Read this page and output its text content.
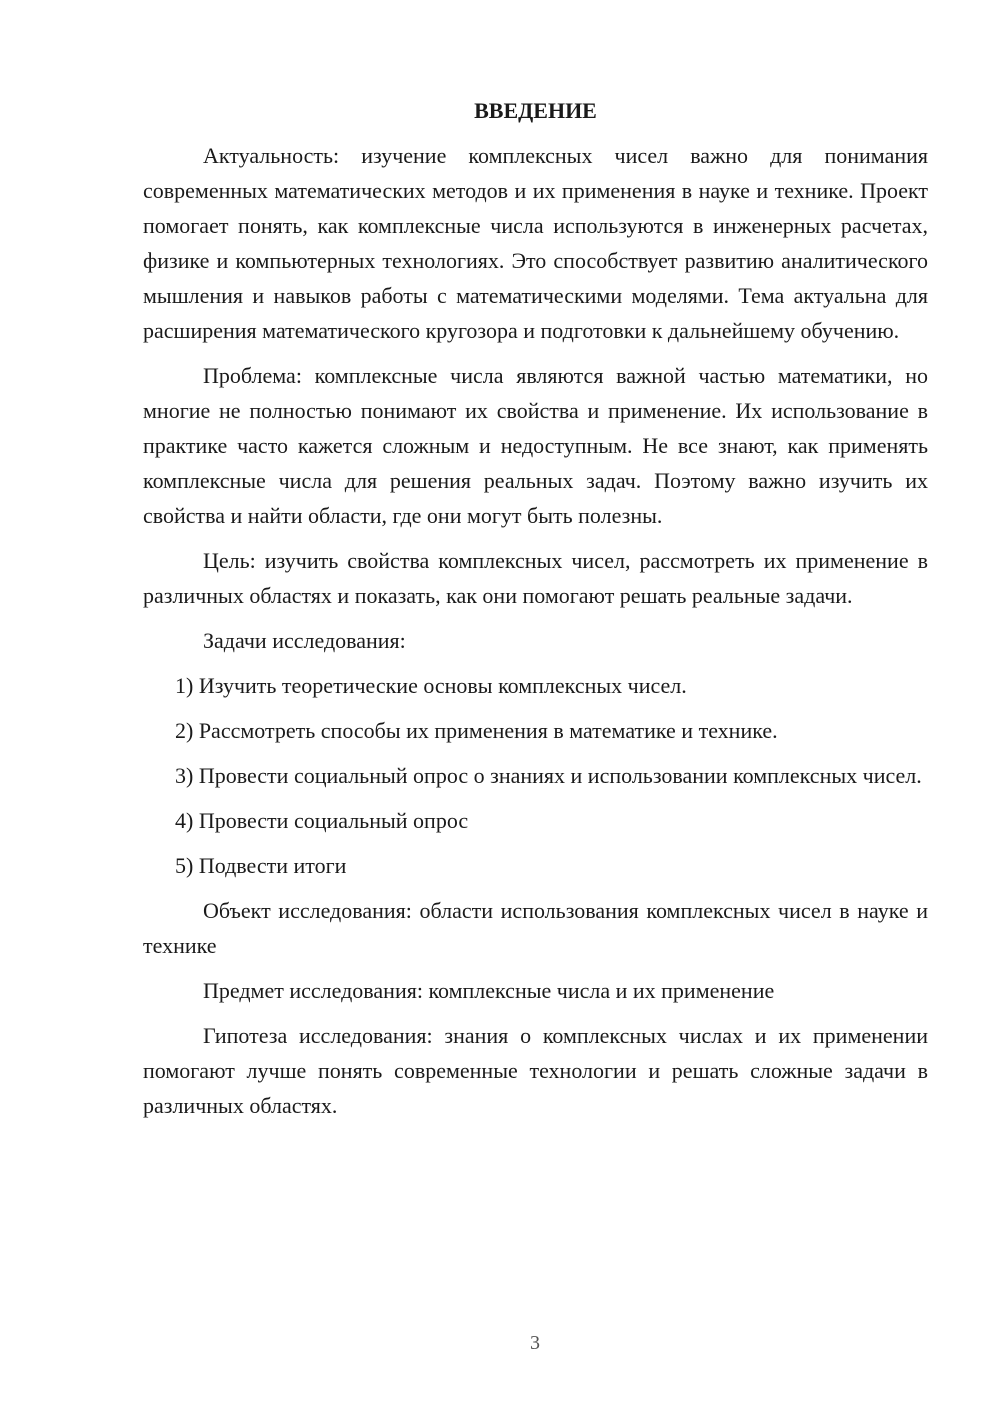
ВВЕДЕНИЕ

Актуальность: изучение комплексных чисел важно для понимания современных математических методов и их применения в науке и технике. Проект помогает понять, как комплексные числа используются в инженерных расчетах, физике и компьютерных технологиях. Это способствует развитию аналитического мышления и навыков работы с математическими моделями. Тема актуальна для расширения математического кругозора и подготовки к дальнейшему обучению.

Проблема: комплексные числа являются важной частью математики, но многие не полностью понимают их свойства и применение. Их использование в практике часто кажется сложным и недоступным. Не все знают, как применять комплексные числа для решения реальных задач. Поэтому важно изучить их свойства и найти области, где они могут быть полезны.

Цель: изучить свойства комплексных чисел, рассмотреть их применение в различных областях и показать, как они помогают решать реальные задачи.

Задачи исследования:

1) Изучить теоретические основы комплексных чисел.

2) Рассмотреть способы их применения в математике и технике.

3) Провести социальный опрос о знаниях и использовании комплексных чисел.

4) Провести социальный опрос

5) Подвести итоги

Объект исследования: области использования комплексных чисел в науке и технике

Предмет исследования: комплексные числа и их применение

Гипотеза исследования: знания о комплексных числах и их применении помогают лучше понять современные технологии и решать сложные задачи в различных областях.

3
